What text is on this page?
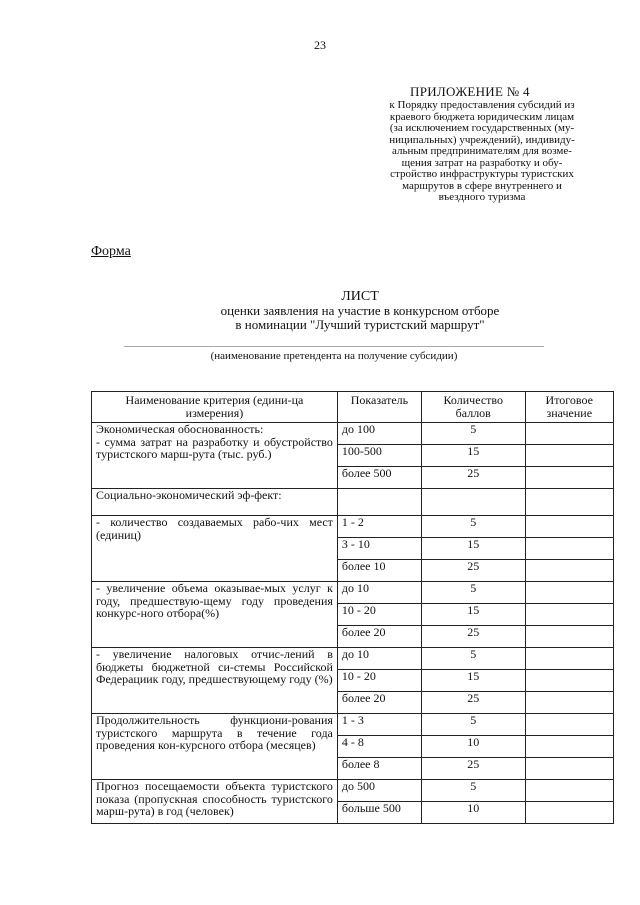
23
ПРИЛОЖЕНИЕ № 4
к Порядку предоставления субсидий из
краевого бюджета юридическим лицам
(за исключением государственных (му-
ниципальных) учреждений), индивиду-
альным предпринимателям для возме-
щения затрат на разработку и обу-
стройство инфраструктуры туристских
маршрутов в сфере внутреннего и
въездного туризма
Форма
ЛИСТ
оценки заявления на участие в конкурсном отборе
в номинации "Лучший туристский маршрут"
(наименование претендента на получение субсидии)
Наименование критерия (едини-ца измерения)	Показатель	Количество баллов	Итоговое значение
Экономическая обоснованность:
- сумма затрат на разработку и обустройство туристского марш-рута (тыс. руб.)	до 100	5	
	100-500	15	
	более 500	25	
Социально-экономический эф-фект:			
- количество создаваемых рабо-чих мест (единиц)	1 - 2	5	
	3 - 10	15	
	более 10	25	
- увеличение объема оказывае-мых услуг к году, предшествую-щему году проведения конкурс-ного отбора(%)	до 10	5	
	10 - 20	15	
	более 20	25	
- увеличение налоговых отчис-лений в бюджеты бюджетной си-стемы Российской Федерациик году, предшествующему году (%)	до 10	5	
	10 - 20	15	
	более 20	25	
Продолжительность функциони-рования туристского маршрута в течение года проведения кон-курсного отбора (месяцев)	1 - 3	5	
	4 - 8	10	
	более 8	25	
Прогноз посещаемости объекта туристского показа (пропускная способность туристского марш-рута) в год (человек)	до 500	5	
	больше 500	10	
